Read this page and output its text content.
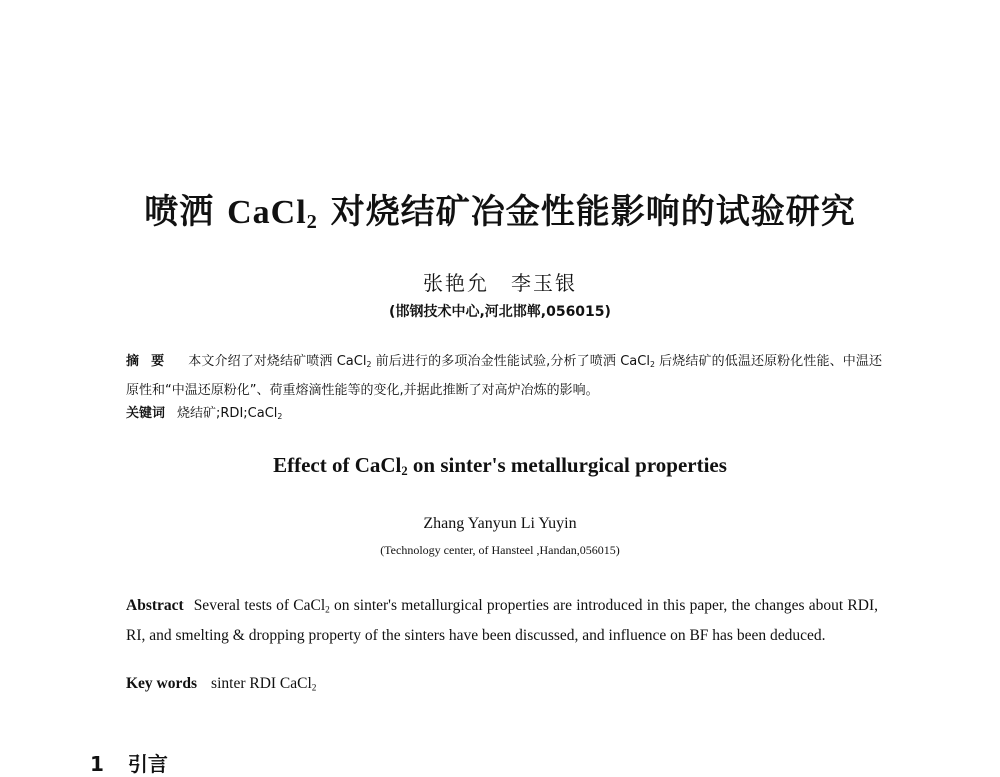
喷洒 CaCl$_2$ 对烧结矿冶金性能影响的试验研究
张艳允 李玉银
(邯钢技术中心,河北邯郸,056015)
摘要 本文介绍了对烧结矿喷洒 CaCl$_2$ 前后进行的多项冶金性能试验,分析了喷洒 CaCl$_2$ 后烧结矿的低温还原粉化性能、中温还原性和“中温还原粉化”、荷重熔滴性能等的变化,并据此推断了对高炉冶炼的影响。
关键词 烧结矿;RDI;CaCl$_2$
Effect of CaCl$_2$ on sinter's metallurgical properties
Zhang Yanyun Li Yuyin
(Technology center, of Hansteel ,Handan,056015)
Abstract Several tests of CaCl$_2$ on sinter's metallurgical properties are introduced in this paper, the changes about RDI, RI, and smelting & dropping property of the sinters have been discussed, and influence on BF has been deduced.
Key words sinter RDI CaCl$_2$
1 引言
